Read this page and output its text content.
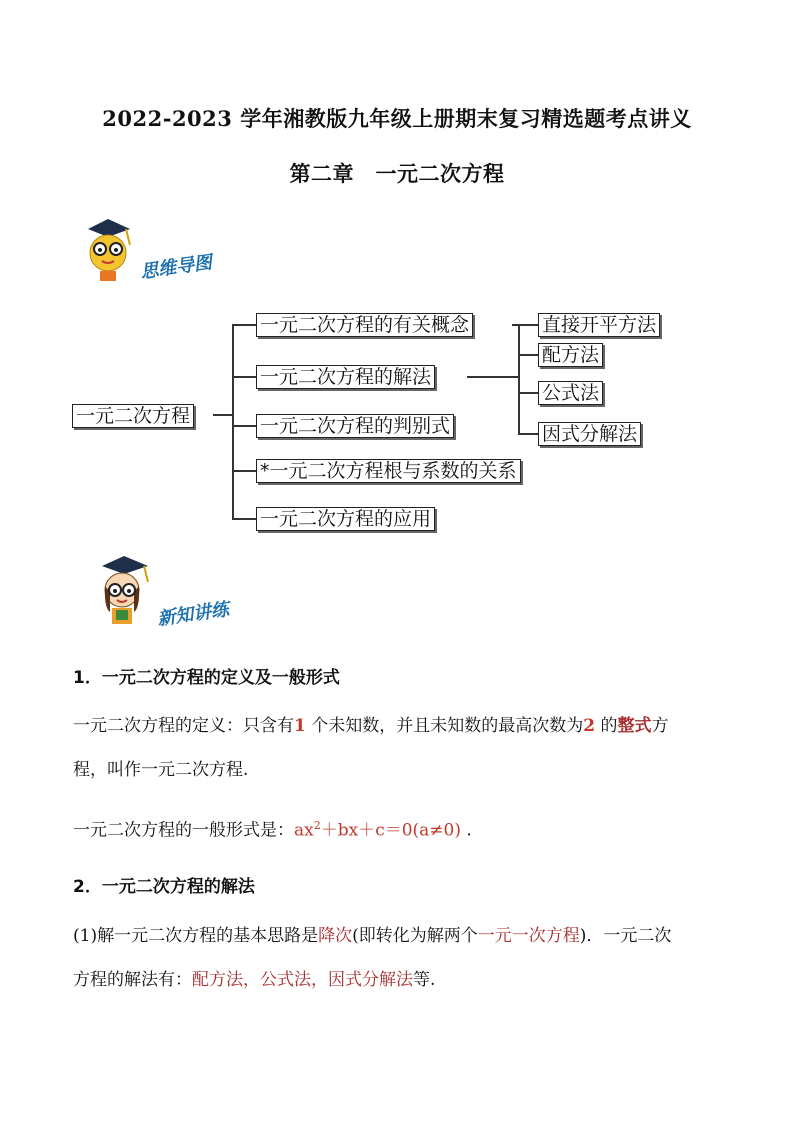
2022-2023 学年湘教版九年级上册期末复习精选题考点讲义
第二章　一元二次方程
思维导图
一元二次方程
一元二次方程的有关概念
一元二次方程的解法
一元二次方程的判别式
*一元二次方程根与系数的关系
一元二次方程的应用
直接开平方法
配方法
公式法
因式分解法
新知讲练
1．一元二次方程的定义及一般形式
一元二次方程的定义：只含有1 个未知数，并且未知数的最高次数为2 的整式方
程，叫作一元二次方程.
一元二次方程的一般形式是：$ax^2+bx+c=0(a\ne 0)$ .
2．一元二次方程的解法
(1)解一元二次方程的基本思路是降次(即转化为解两个一元一次方程)．一元二次
方程的解法有：配方法，公式法，因式分解法等.
